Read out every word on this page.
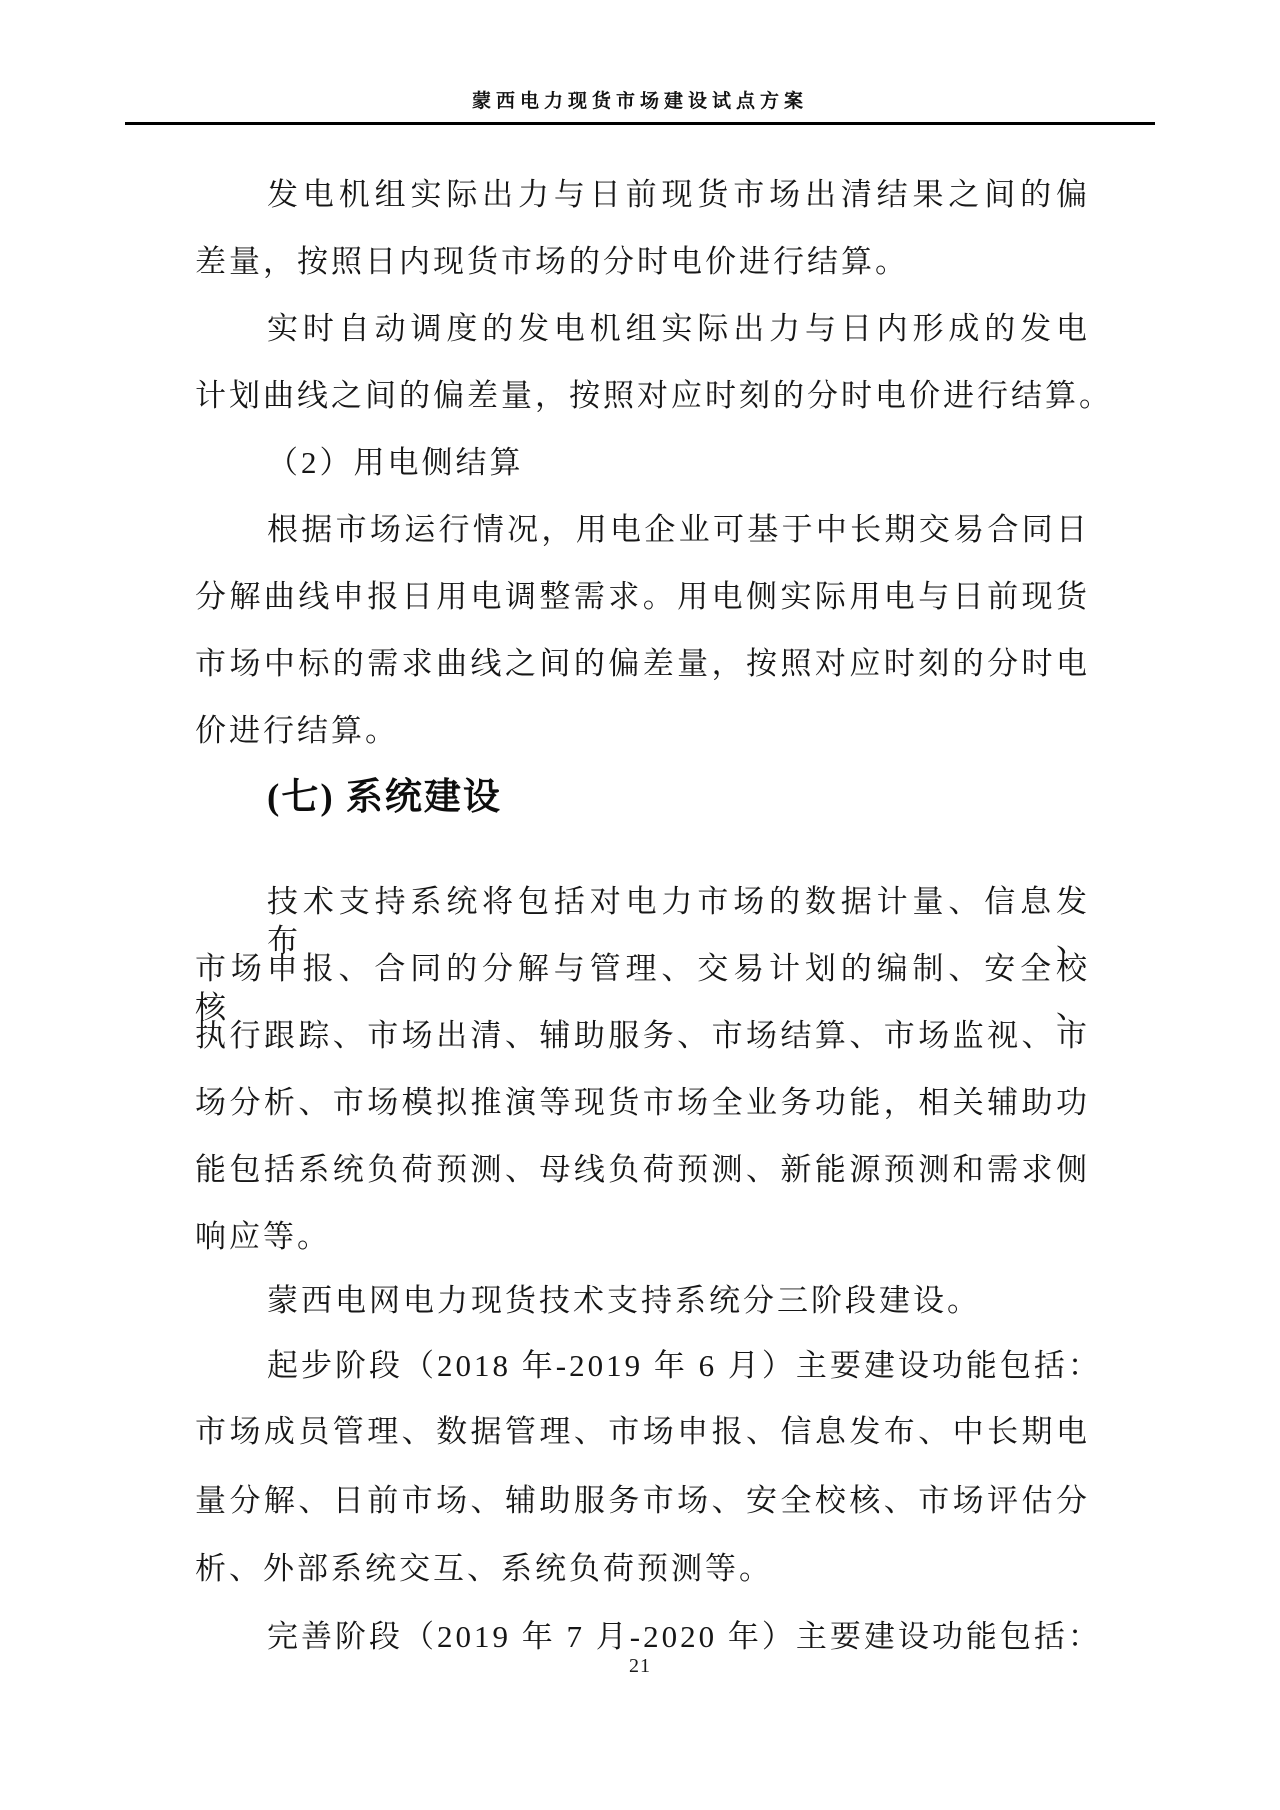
蒙西电力现货市场建设试点方案
发电机组实际出力与日前现货市场出清结果之间的偏
差量，按照日内现货市场的分时电价进行结算。
实时自动调度的发电机组实际出力与日内形成的发电
计划曲线之间的偏差量，按照对应时刻的分时电价进行结算。
（2）用电侧结算
根据市场运行情况，用电企业可基于中长期交易合同日
分解曲线申报日用电调整需求。用电侧实际用电与日前现货
市场中标的需求曲线之间的偏差量，按照对应时刻的分时电
价进行结算。
(七) 系统建设
技术支持系统将包括对电力市场的数据计量、信息发布、
市场申报、合同的分解与管理、交易计划的编制、安全校核、
执行跟踪、市场出清、辅助服务、市场结算、市场监视、市
场分析、市场模拟推演等现货市场全业务功能，相关辅助功
能包括系统负荷预测、母线负荷预测、新能源预测和需求侧
响应等。
蒙西电网电力现货技术支持系统分三阶段建设。
起步阶段（2018 年-2019 年 6 月）主要建设功能包括：
市场成员管理、数据管理、市场申报、信息发布、中长期电
量分解、日前市场、辅助服务市场、安全校核、市场评估分
析、外部系统交互、系统负荷预测等。
完善阶段（2019 年 7 月-2020 年）主要建设功能包括：
21
